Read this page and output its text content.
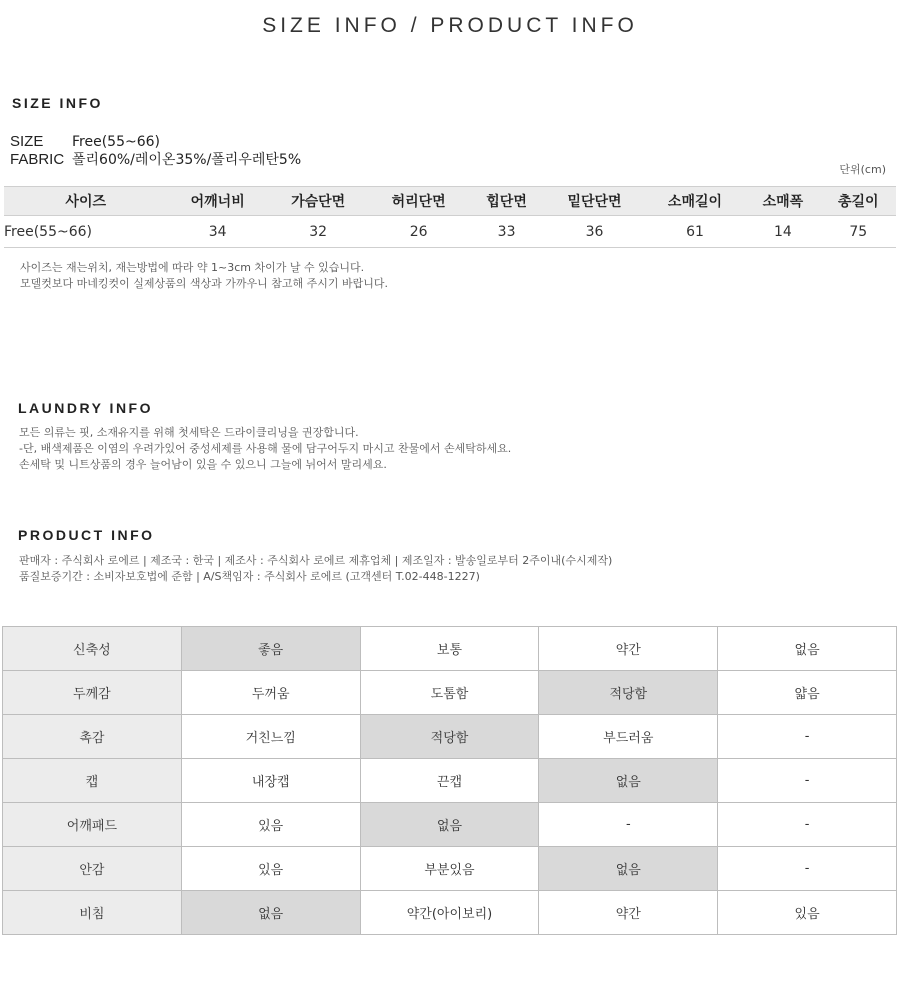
SIZE INFO / PRODUCT INFO
SIZE INFO
SIZE Free(55~66)
FABRIC 폴리60%/레이온35%/폴리우레탄5%
단위(cm)
사이즈	어깨너비	가슴단면	허리단면	힙단면	밑단단면	소매길이	소매폭	총길이
Free(55~66)	34	32	26	33	36	61	14	75
사이즈는 재는위치, 재는방법에 따라 약 1~3cm 차이가 날 수 있습니다.
모델컷보다 마네킹컷이 실제상품의 색상과 가까우니 참고해 주시기 바랍니다.
LAUNDRY INFO
모든 의류는 핏, 소재유지를 위해 첫세탁은 드라이클리닝을 권장합니다.
-단, 배색제품은 이염의 우려가있어 중성세제를 사용해 물에 담구어두지 마시고 찬물에서 손세탁하세요.
손세탁 및 니트상품의 경우 늘어남이 있을 수 있으니 그늘에 뉘어서 말리세요.
PRODUCT INFO
판매자 : 주식회사 로에르 | 제조국 : 한국 | 제조사 : 주식회사 로에르 제휴업체 | 제조일자 : 발송일로부터 2주이내(수시제작)
품질보증기간 : 소비자보호법에 준함 | A/S책임자 : 주식회사 로에르 (고객센터 T.02-448-1227)
신축성	좋음	보통	약간	없음
두께감	두꺼움	도톰함	적당함	얇음
촉감	거친느낌	적당함	부드러움	-
캡	내장캡	끈캡	없음	-
어깨패드	있음	없음	-	-
안감	있음	부분있음	없음	-
비침	없음	약간(아이보리)	약간	있음
